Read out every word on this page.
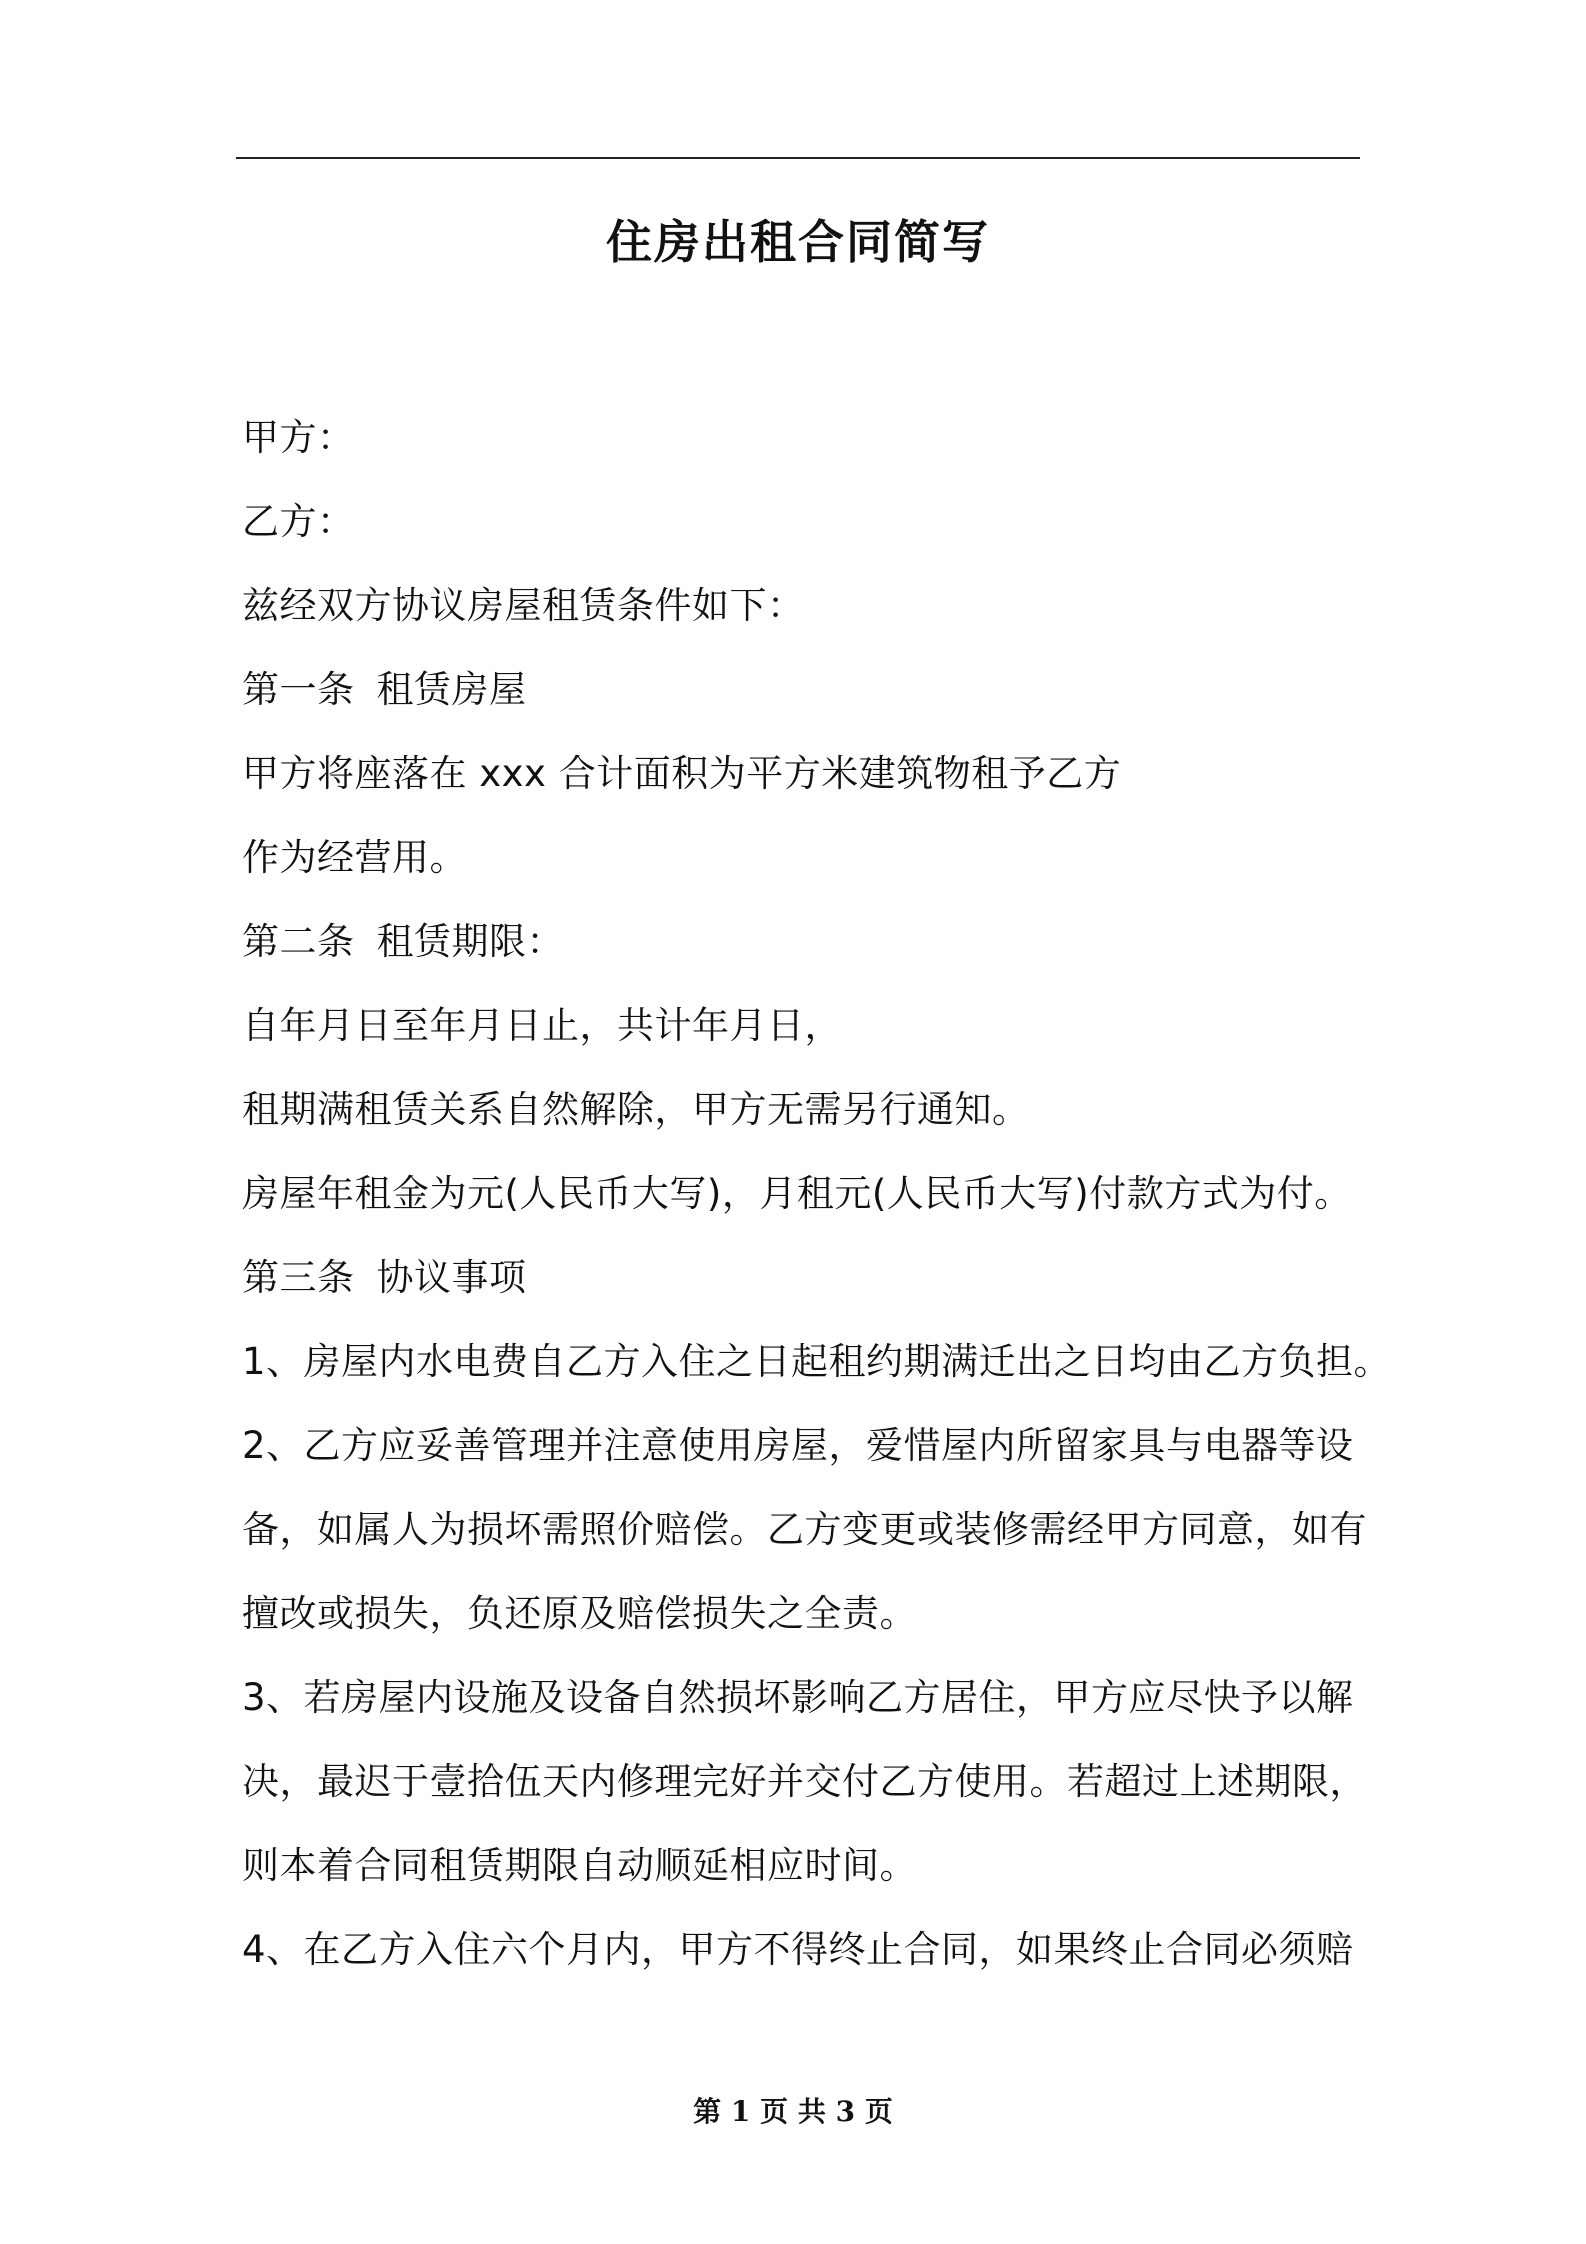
住房出租合同简写
甲方：
乙方：
兹经双方协议房屋租赁条件如下：
第一条 租赁房屋
甲方将座落在 xxx 合计面积为平方米建筑物租予乙方
作为经营用。
第二条 租赁期限：
自年月日至年月日止，共计年月日，
租期满租赁关系自然解除，甲方无需另行通知。
房屋年租金为元(人民币大写)，月租元(人民币大写)付款方式为付。
第三条 协议事项
1、房屋内水电费自乙方入住之日起租约期满迁出之日均由乙方负担。
2、乙方应妥善管理并注意使用房屋，爱惜屋内所留家具与电器等设
备，如属人为损坏需照价赔偿。乙方变更或装修需经甲方同意，如有
擅改或损失，负还原及赔偿损失之全责。
3、若房屋内设施及设备自然损坏影响乙方居住，甲方应尽快予以解
决，最迟于壹拾伍天内修理完好并交付乙方使用。若超过上述期限，
则本着合同租赁期限自动顺延相应时间。
4、在乙方入住六个月内，甲方不得终止合同，如果终止合同必须赔
第 1 页 共 3 页
